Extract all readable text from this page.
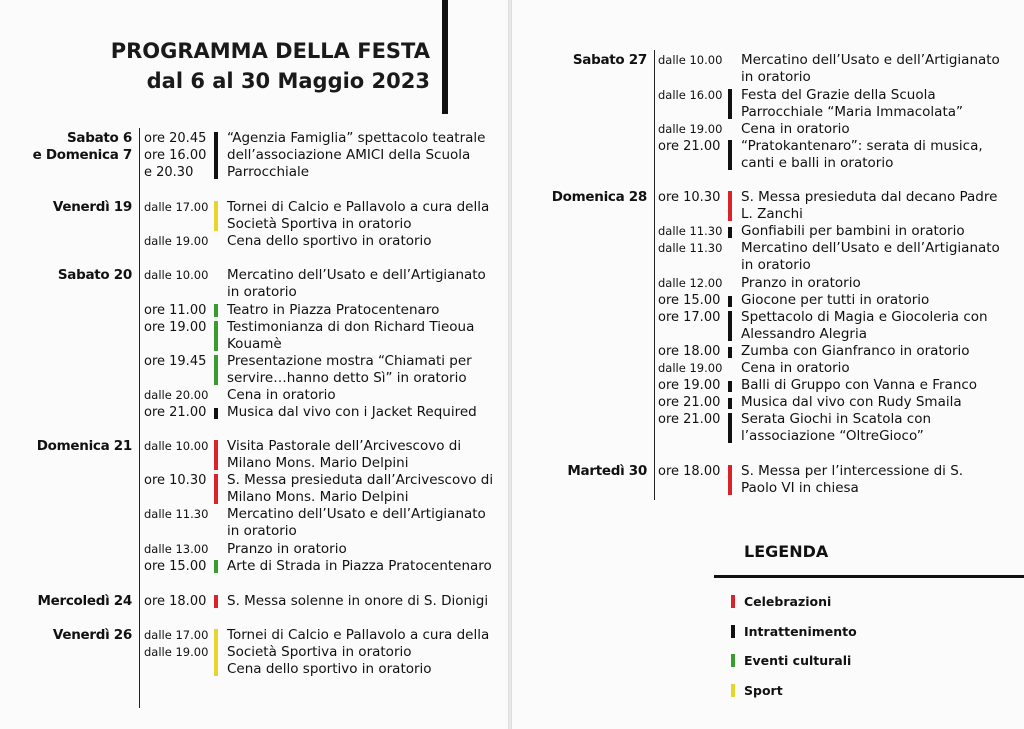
PROGRAMMA DELLA FESTA
dal 6 al 30 Maggio 2023
Sabato 6
e Domenica 7
ore 20.45
ore 16.00
e 20.30
“Agenzia Famiglia” spettacolo teatrale dell’associazione AMICI della Scuola Parrocchiale
Venerdì 19 dalle 17.00 Tornei di Calcio e Pallavolo a cura della Società Sportiva in oratorio
dalle 19.00 Cena dello sportivo in oratorio
Sabato 20 dalle 10.00 Mercatino dell’Usato e dell’Artigianato in oratorio
ore 11.00 Teatro in Piazza Pratocentenaro
ore 19.00 Testimonianza di don Richard Tieoua Kouamè
ore 19.45 Presentazione mostra “Chiamati per servire…hanno detto Sì” in oratorio
dalle 20.00 Cena in oratorio
ore 21.00 Musica dal vivo con i Jacket Required
Domenica 21 dalle 10.00 Visita Pastorale dell’Arcivescovo di Milano Mons. Mario Delpini
ore 10.30 S. Messa presieduta dall’Arcivescovo di Milano Mons. Mario Delpini
dalle 11.30 Mercatino dell’Usato e dell’Artigianato in oratorio
dalle 13.00 Pranzo in oratorio
ore 15.00 Arte di Strada in Piazza Pratocentenaro
Mercoledì 24 ore 18.00 S. Messa solenne in onore di S. Dionigi
Venerdì 26 dalle 17.00
dalle 19.00
Tornei di Calcio e Pallavolo a cura della Società Sportiva in oratorio
Cena dello sportivo in oratorio
Sabato 27 dalle 10.00 Mercatino dell’Usato e dell’Artigianato in oratorio
dalle 16.00 Festa del Grazie della Scuola Parrocchiale “Maria Immacolata”
dalle 19.00 Cena in oratorio
ore 21.00 “Pratokantenaro”: serata di musica, canti e balli in oratorio
Domenica 28 ore 10.30 S. Messa presieduta dal decano Padre L. Zanchi
dalle 11.30 Gonfiabili per bambini in oratorio
dalle 11.30 Mercatino dell’Usato e dell’Artigianato in oratorio
dalle 12.00 Pranzo in oratorio
ore 15.00 Giocone per tutti in oratorio
ore 17.00 Spettacolo di Magia e Giocoleria con Alessandro Alegria
ore 18.00 Zumba con Gianfranco in oratorio
dalle 19.00 Cena in oratorio
ore 19.00 Balli di Gruppo con Vanna e Franco
ore 21.00 Musica dal vivo con Rudy Smaila
ore 21.00 Serata Giochi in Scatola con l’associazione “OltreGioco”
Martedì 30 ore 18.00 S. Messa per l’intercessione di S. Paolo VI in chiesa
LEGENDA
Celebrazioni
Intrattenimento
Eventi culturali
Sport
